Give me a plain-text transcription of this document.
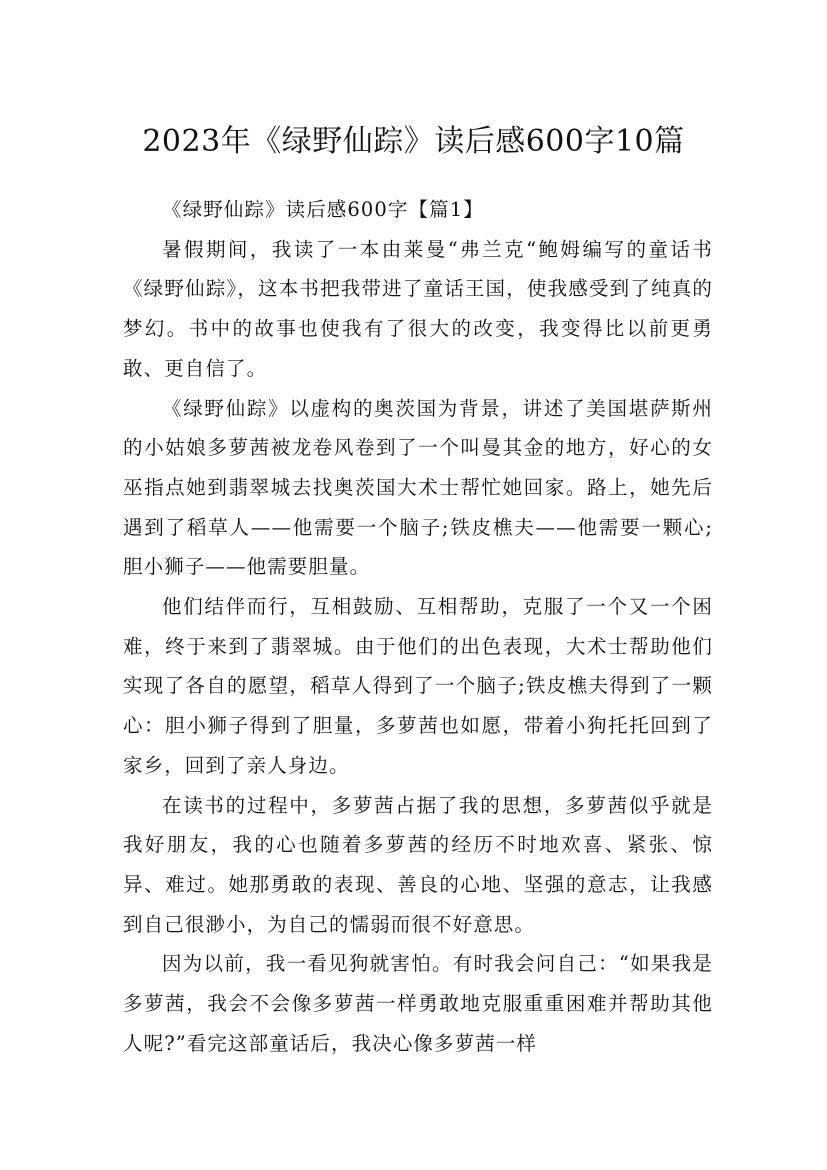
2023年《绿野仙踪》读后感600字10篇

《绿野仙踪》读后感600字【篇1】

暑假期间，我读了一本由莱曼“弗兰克“鲍姆编写的童话书《绿野仙踪》，这本书把我带进了童话王国，使我感受到了纯真的梦幻。书中的故事也使我有了很大的改变，我变得比以前更勇敢、更自信了。

《绿野仙踪》以虚构的奥茨国为背景，讲述了美国堪萨斯州的小姑娘多萝茜被龙卷风卷到了一个叫曼其金的地方，好心的女巫指点她到翡翠城去找奥茨国大术士帮忙她回家。路上，她先后遇到了稻草人——他需要一个脑子;铁皮樵夫——他需要一颗心;胆小狮子——他需要胆量。

他们结伴而行，互相鼓励、互相帮助，克服了一个又一个困难，终于来到了翡翠城。由于他们的出色表现，大术士帮助他们实现了各自的愿望，稻草人得到了一个脑子;铁皮樵夫得到了一颗心：胆小狮子得到了胆量，多萝茜也如愿，带着小狗托托回到了家乡，回到了亲人身边。

在读书的过程中，多萝茜占据了我的思想，多萝茜似乎就是我好朋友，我的心也随着多萝茜的经历不时地欢喜、紧张、惊异、难过。她那勇敢的表现、善良的心地、坚强的意志，让我感到自己很渺小，为自己的懦弱而很不好意思。

因为以前，我一看见狗就害怕。有时我会问自己：“如果我是多萝茜，我会不会像多萝茜一样勇敢地克服重重困难并帮助其他人呢?”看完这部童话后，我决心像多萝茜一样
